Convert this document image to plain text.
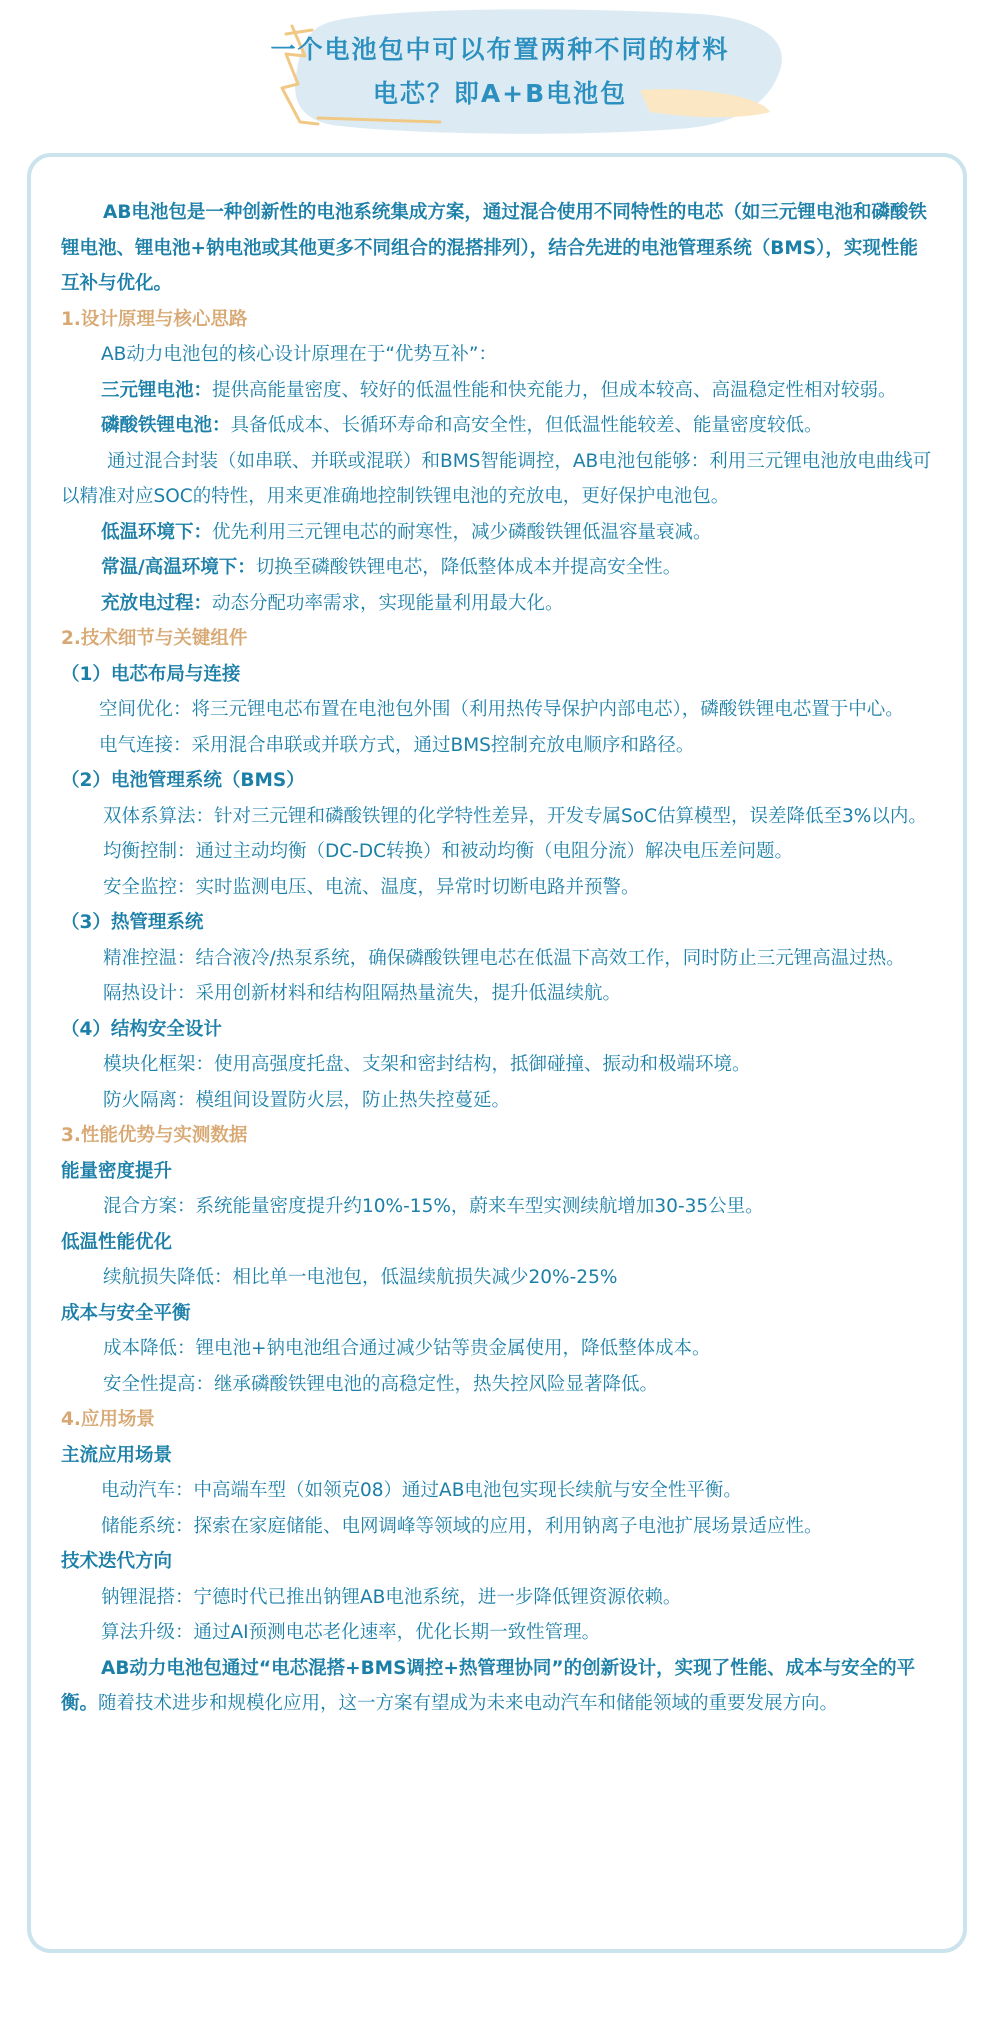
一个电池包中可以布置两种不同的材料
电芯？即A+B电池包

AB电池包是一种创新性的电池系统集成方案，通过混合使用不同特性的电芯（如三元锂电池和磷酸铁锂电池、锂电池+钠电池或其他更多不同组合的混搭排列），结合先进的电池管理系统（BMS），实现性能互补与优化。

1.设计原理与核心思路

AB动力电池包的核心设计原理在于“优势互补”：

三元锂电池：提供高能量密度、较好的低温性能和快充能力，但成本较高、高温稳定性相对较弱。

磷酸铁锂电池：具备低成本、长循环寿命和高安全性，但低温性能较差、能量密度较低。

通过混合封装（如串联、并联或混联）和BMS智能调控，AB电池包能够：利用三元锂电池放电曲线可以精准对应SOC的特性，用来更准确地控制铁锂电池的充放电，更好保护电池包。

低温环境下：优先利用三元锂电芯的耐寒性，减少磷酸铁锂低温容量衰减。

常温/高温环境下：切换至磷酸铁锂电芯，降低整体成本并提高安全性。

充放电过程：动态分配功率需求，实现能量利用最大化。

2.技术细节与关键组件

（1）电芯布局与连接

空间优化：将三元锂电芯布置在电池包外围（利用热传导保护内部电芯），磷酸铁锂电芯置于中心。

电气连接：采用混合串联或并联方式，通过BMS控制充放电顺序和路径。

（2）电池管理系统（BMS）

双体系算法：针对三元锂和磷酸铁锂的化学特性差异，开发专属SoC估算模型，误差降低至3%以内。

均衡控制：通过主动均衡（DC-DC转换）和被动均衡（电阻分流）解决电压差问题。

安全监控：实时监测电压、电流、温度，异常时切断电路并预警。

（3）热管理系统

精准控温：结合液冷/热泵系统，确保磷酸铁锂电芯在低温下高效工作，同时防止三元锂高温过热。

隔热设计：采用创新材料和结构阻隔热量流失，提升低温续航。

（4）结构安全设计

模块化框架：使用高强度托盘、支架和密封结构，抵御碰撞、振动和极端环境。

防火隔离：模组间设置防火层，防止热失控蔓延。

3.性能优势与实测数据

能量密度提升

混合方案：系统能量密度提升约10%-15%，蔚来车型实测续航增加30-35公里。

低温性能优化

续航损失降低：相比单一电池包，低温续航损失减少20%-25%

成本与安全平衡

成本降低：锂电池+钠电池组合通过减少钴等贵金属使用，降低整体成本。

安全性提高：继承磷酸铁锂电池的高稳定性，热失控风险显著降低。

4.应用场景

主流应用场景

电动汽车：中高端车型（如领克08）通过AB电池包实现长续航与安全性平衡。

储能系统：探索在家庭储能、电网调峰等领域的应用，利用钠离子电池扩展场景适应性。

技术迭代方向

钠锂混搭：宁德时代已推出钠锂AB电池系统，进一步降低锂资源依赖。

算法升级：通过AI预测电芯老化速率，优化长期一致性管理。

AB动力电池包通过“电芯混搭+BMS调控+热管理协同”的创新设计，实现了性能、成本与安全的平衡。随着技术进步和规模化应用，这一方案有望成为未来电动汽车和储能领域的重要发展方向。
